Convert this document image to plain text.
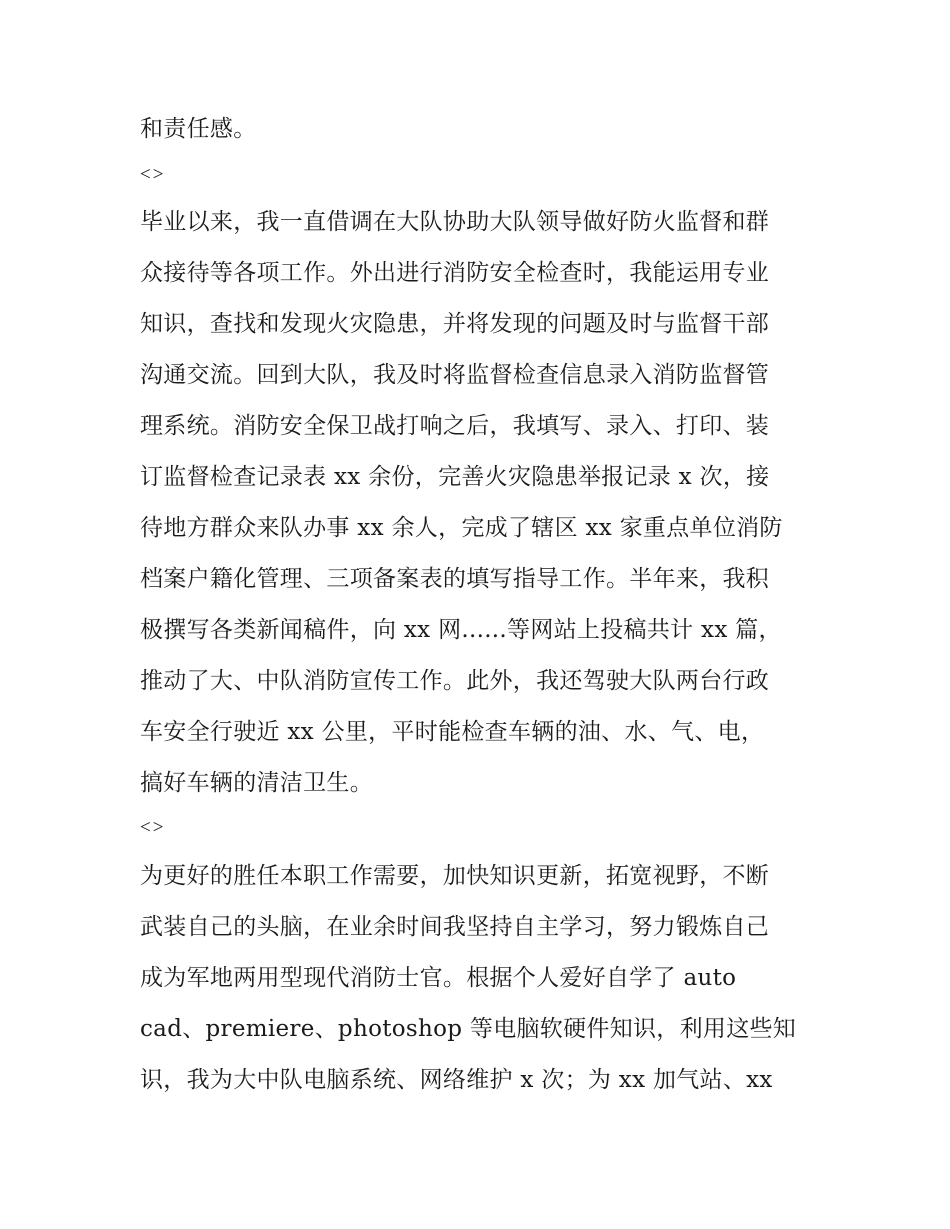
和责任感。
<>
毕业以来，我一直借调在大队协助大队领导做好防火监督和群
众接待等各项工作。外出进行消防安全检查时，我能运用专业
知识，查找和发现火灾隐患，并将发现的问题及时与监督干部
沟通交流。回到大队，我及时将监督检查信息录入消防监督管
理系统。消防安全保卫战打响之后，我填写、录入、打印、装
订监督检查记录表 xx 余份，完善火灾隐患举报记录 x 次，接
待地方群众来队办事 xx 余人，完成了辖区 xx 家重点单位消防
档案户籍化管理、三项备案表的填写指导工作。半年来，我积
极撰写各类新闻稿件，向 xx 网......等网站上投稿共计 xx 篇，
推动了大、中队消防宣传工作。此外，我还驾驶大队两台行政
车安全行驶近 xx 公里，平时能检查车辆的油、水、气、电，
搞好车辆的清洁卫生。
<>
为更好的胜任本职工作需要，加快知识更新，拓宽视野，不断
武装自己的头脑，在业余时间我坚持自主学习，努力锻炼自己
成为军地两用型现代消防士官。根据个人爱好自学了 auto
cad、premiere、photoshop 等电脑软硬件知识，利用这些知
识，我为大中队电脑系统、网络维护 x 次；为 xx 加气站、xx
